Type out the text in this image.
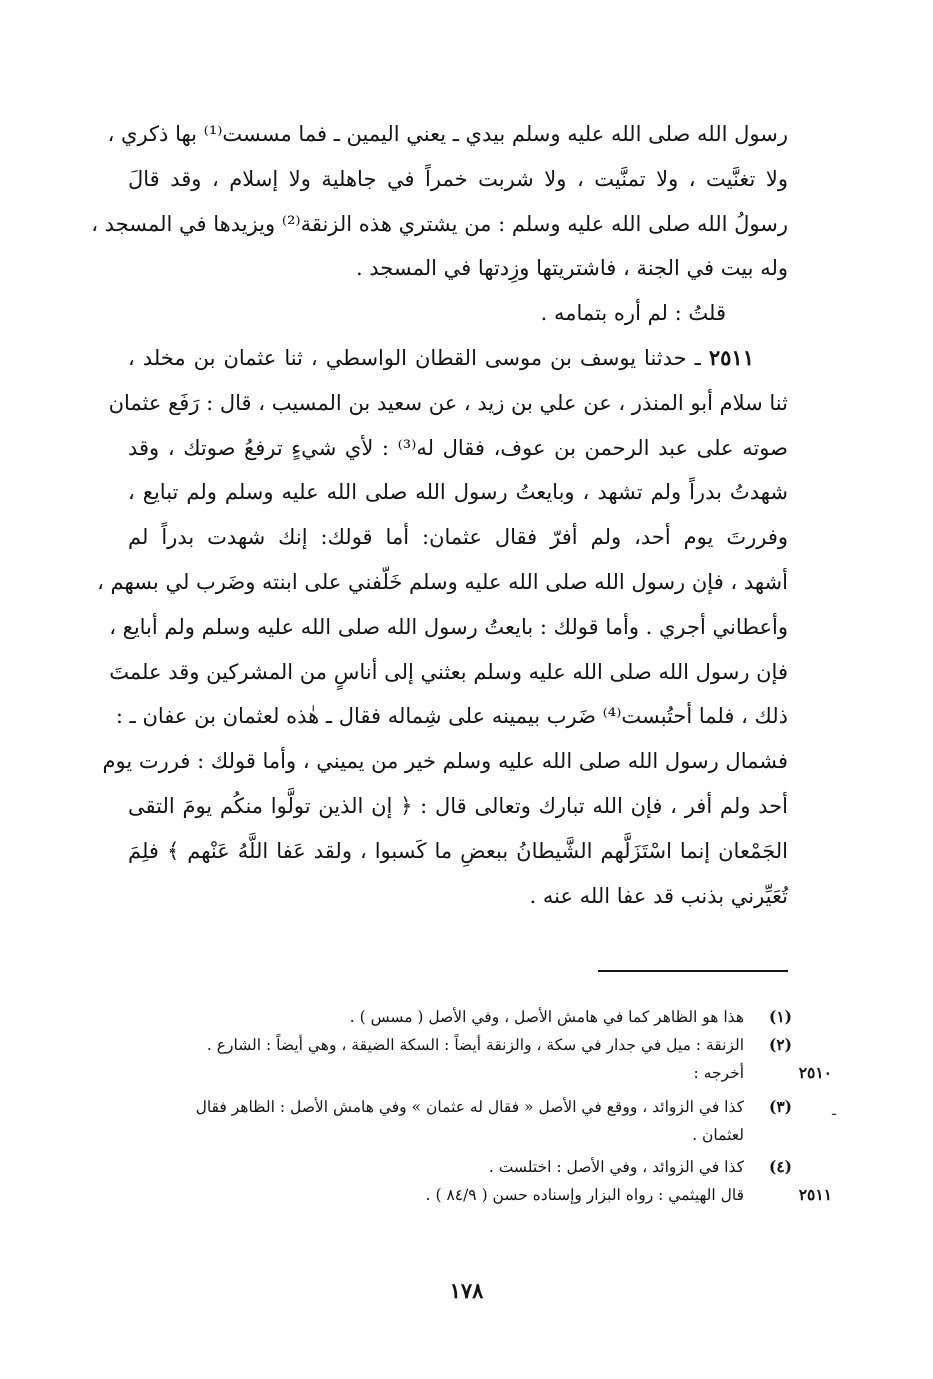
رسول الله صلى الله عليه وسلم بيدي ـ يعني اليمين ـ فما مسست⁽¹⁾ بها ذكري ،
ولا تغنَّيت ، ولا تمنَّيت ، ولا شربت خمراً في جاهلية ولا إسلام ، وقد قالَ
رسولُ الله صلى الله عليه وسلم : من يشتري هذه الزنقة⁽²⁾ ويزيدها في المسجد ،
وله بيت في الجنة ، فاشتريتها وزِدتها في المسجد .
قلتُ : لم أره بتمامه .
٢٥١١ ـ حدثنا يوسف بن موسى القطان الواسطي ، ثنا عثمان بن مخلد ،
ثنا سلام أبو المنذر ، عن علي بن زيد ، عن سعيد بن المسيب ، قال : رَفَع عثمان
صوته على عبد الرحمن بن عوف، فقال له⁽³⁾ : لأي شيءٍ ترفعُ صوتك ، وقد
شهدتُ بدراً ولم تشهد ، وبايعتُ رسول الله صلى الله عليه وسلم ولم تبايع ،
وفررتَ يوم أحد، ولم أفرّ فقال عثمان: أما قولك: إنك شهدت بدراً لم
أشهد ، فإن رسول الله صلى الله عليه وسلم خَلّفني على ابنته وضَرب لي بسهم ،
وأعطاني أجري . وأما قولك : بايعتُ رسول الله صلى الله عليه وسلم ولم أبايع ،
فإن رسول الله صلى الله عليه وسلم بعثني إلى أناسٍ من المشركين وقد علمتَ
ذلك ، فلما أحتُبست⁽⁴⁾ ضَرب بيمينه على شِماله فقال ـ هٰذه لعثمان بن عفان ـ :
فشمال رسول الله صلى الله عليه وسلم خير من يميني ، وأما قولك : فررت يوم
أحد ولم أفر ، فإن الله تبارك وتعالى قال : ﴿ إن الذين تولَّوا منكُم يومَ التقى
الجَمْعان إنما اسْتَزَلَّهم الشَّيطانُ ببعضِ ما كَسبوا ، ولقد عَفا اللَّهُ عَنْهم ﴾ فلِمَ
تُعَيِّرني بذنب قد عفا الله عنه .
(١)
هذا هو الظاهر كما في هامش الأصل ، وفي الأصل ( مسس ) .
(٢)
الزنقة : ميل في جدار في سكة ، والزنقة أيضاً : السكة الضيقة ، وهي أيضاً : الشارع .
٢٥١٠
أخرجه :
(٣)
كذا في الزوائد ، ووقع في الأصل « فقال له عثمان » وفي هامش الأصل : الظاهر فقال
لعثمان .
(٤)
كذا في الزوائد ، وفي الأصل : اختلست .
٢٥١١
قال الهيثمي : رواه البزار وإسناده حسن ( ٨٤/٩ ) .
ـ
١٧٨
